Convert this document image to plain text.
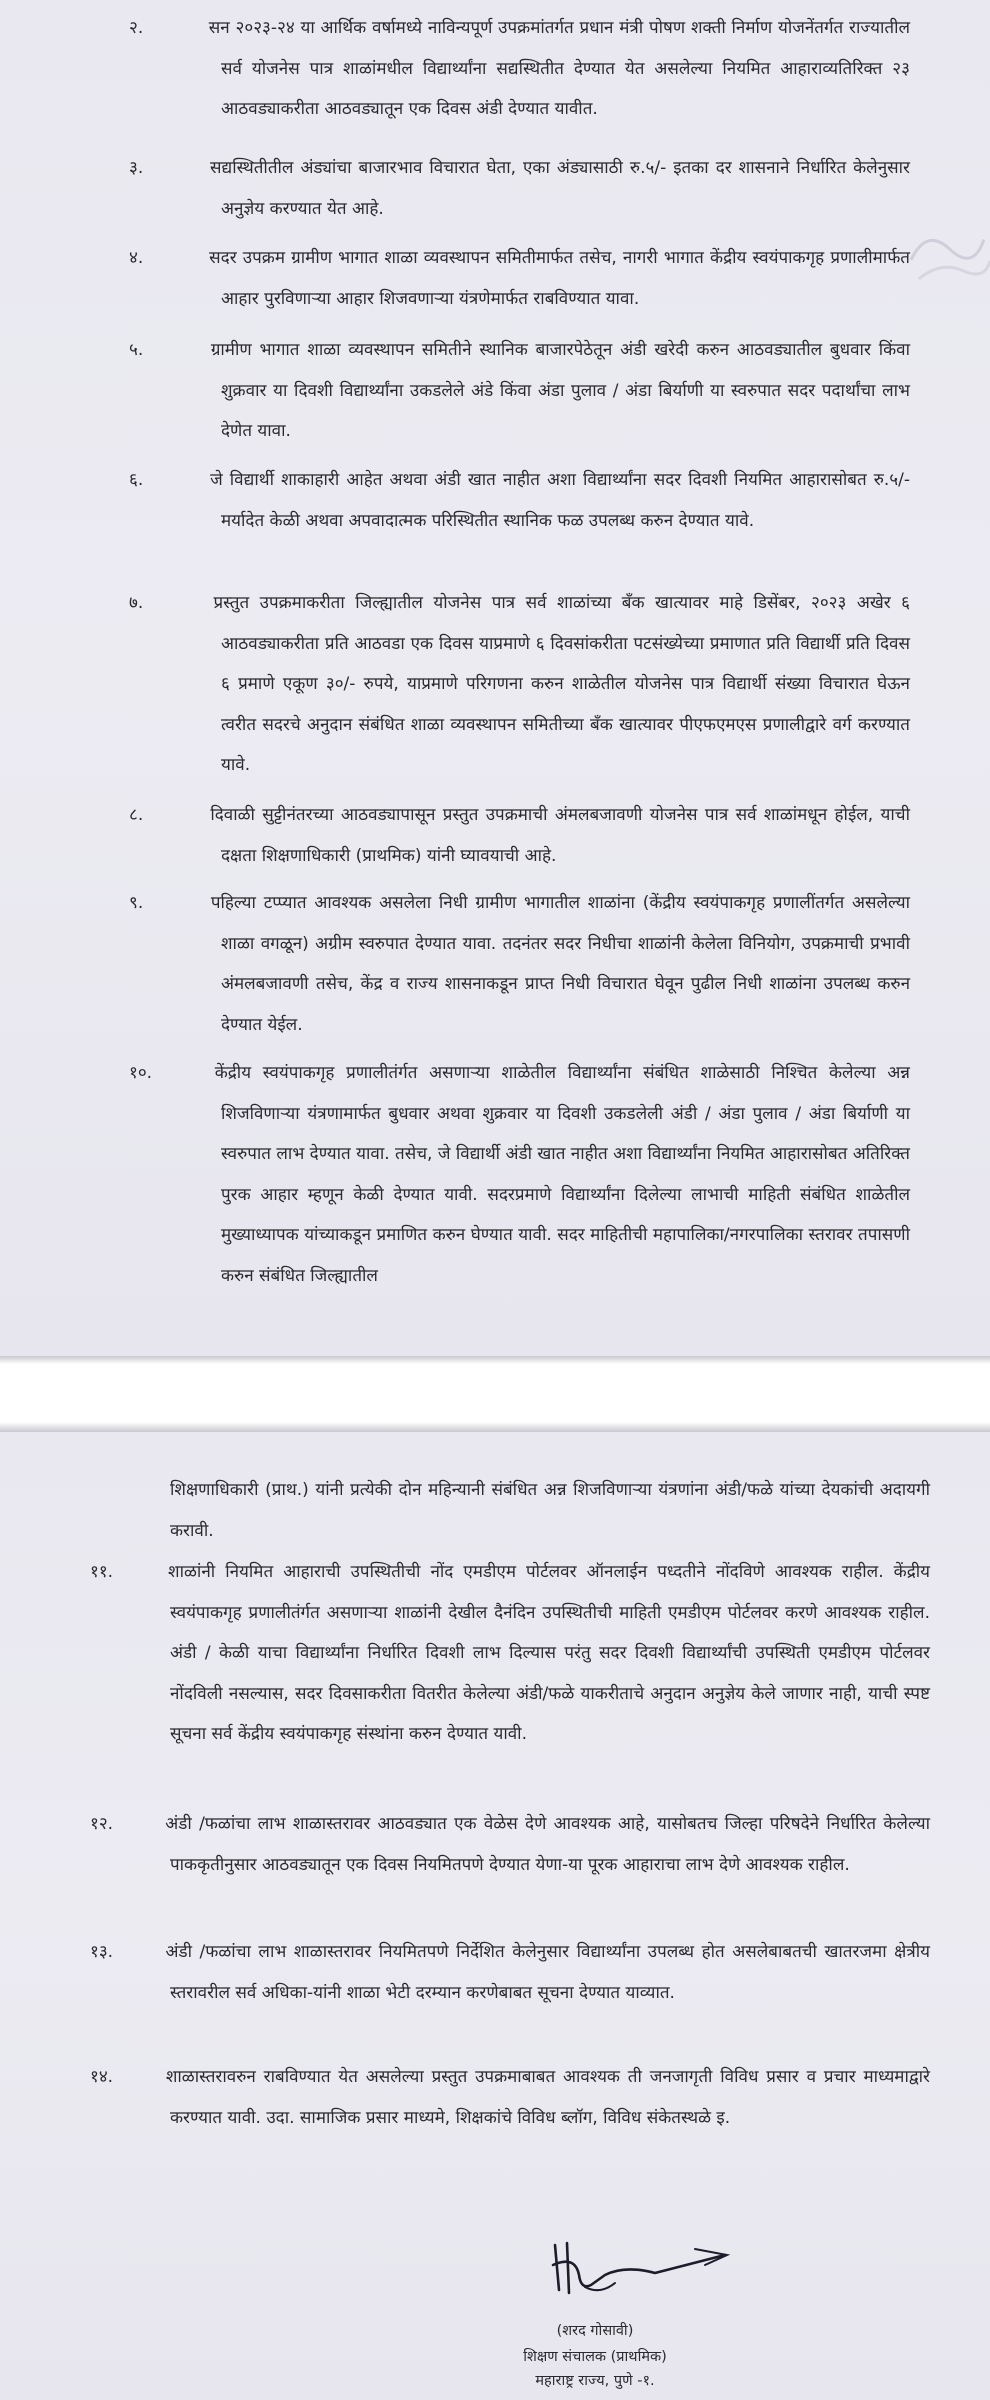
२.	सन २०२३-२४ या आर्थिक वर्षामध्ये नाविन्यपूर्ण उपक्रमांतर्गत प्रधान मंत्री पोषण शक्ती निर्माण योजनेंतर्गत राज्यातील सर्व योजनेस पात्र शाळांमधील विद्यार्थ्यांना सद्यस्थितीत देण्यात येत असलेल्या नियमित आहाराव्यतिरिक्त २३ आठवड्याकरीता आठवड्यातून एक दिवस अंडी देण्यात यावीत.
३.	सद्यस्थितीतील अंड्यांचा बाजारभाव विचारात घेता, एका अंड्यासाठी रु.५/- इतका दर शासनाने निर्धारित केलेनुसार अनुज्ञेय करण्यात येत आहे.
४.	सदर उपक्रम ग्रामीण भागात शाळा व्यवस्थापन समितीमार्फत तसेच, नागरी भागात केंद्रीय स्वयंपाकगृह प्रणालीमार्फत आहार पुरविणाऱ्या आहार शिजवणाऱ्या यंत्रणेमार्फत राबविण्यात यावा.
५.	ग्रामीण भागात शाळा व्यवस्थापन समितीने स्थानिक बाजारपेठेतून अंडी खरेदी करुन आठवड्यातील बुधवार किंवा शुक्रवार या दिवशी विद्यार्थ्यांना उकडलेले अंडे किंवा अंडा पुलाव / अंडा बिर्याणी या स्वरुपात सदर पदार्थांचा लाभ देणेत यावा.
६.	जे विद्यार्थी शाकाहारी आहेत अथवा अंडी खात नाहीत अशा विद्यार्थ्यांना सदर दिवशी नियमित आहारासोबत रु.५/- मर्यादेत केळी अथवा अपवादात्मक परिस्थितीत स्थानिक फळ उपलब्ध करुन देण्यात यावे.
७.	प्रस्तुत उपक्रमाकरीता जिल्ह्यातील योजनेस पात्र सर्व शाळांच्या बँक खात्यावर माहे डिसेंबर, २०२३ अखेर ६ आठवड्याकरीता प्रति आठवडा एक दिवस याप्रमाणे ६ दिवसांकरीता पटसंख्येच्या प्रमाणात प्रति विद्यार्थी प्रति दिवस ६ प्रमाणे एकूण ३०/- रुपये, याप्रमाणे परिगणना करुन शाळेतील योजनेस पात्र विद्यार्थी संख्या विचारात घेऊन त्वरीत सदरचे अनुदान संबंधित शाळा व्यवस्थापन समितीच्या बँक खात्यावर पीएफएमएस प्रणालीद्वारे वर्ग करण्यात यावे.
८.	दिवाळी सुट्टीनंतरच्या आठवड्यापासून प्रस्तुत उपक्रमाची अंमलबजावणी योजनेस पात्र सर्व शाळांमधून होईल, याची दक्षता शिक्षणाधिकारी (प्राथमिक) यांनी घ्यावयाची आहे.
९.	पहिल्या टप्प्यात आवश्यक असलेला निधी ग्रामीण भागातील शाळांना (केंद्रीय स्वयंपाकगृह प्रणालींतर्गत असलेल्या शाळा वगळून) अग्रीम स्वरुपात देण्यात यावा. तदनंतर सदर निधीचा शाळांनी केलेला विनियोग, उपक्रमाची प्रभावी अंमलबजावणी तसेच, केंद्र व राज्य शासनाकडून प्राप्त निधी विचारात घेवून पुढील निधी शाळांना उपलब्ध करुन देण्यात येईल.
१०.	केंद्रीय स्वयंपाकगृह प्रणालीतंर्गत असणाऱ्या शाळेतील विद्यार्थ्यांना संबंधित शाळेसाठी निश्चित केलेल्या अन्न शिजविणाऱ्या यंत्रणामार्फत बुधवार अथवा शुक्रवार या दिवशी उकडलेली अंडी / अंडा पुलाव / अंडा बिर्याणी या स्वरुपात लाभ देण्यात यावा. तसेच, जे विद्यार्थी अंडी खात नाहीत अशा विद्यार्थ्यांना नियमित आहारासोबत अतिरिक्त पुरक आहार म्हणून केळी देण्यात यावी. सदरप्रमाणे विद्यार्थ्यांना दिलेल्या लाभाची माहिती संबंधित शाळेतील मुख्याध्यापक यांच्याकडून प्रमाणित करुन घेण्यात यावी. सदर माहितीची महापालिका/नगरपालिका स्तरावर तपासणी करुन संबंधित जिल्ह्यातील
शिक्षणाधिकारी (प्राथ.) यांनी प्रत्येकी दोन महिन्यानी संबंधित अन्न शिजविणाऱ्या यंत्रणांना अंडी/फळे यांच्या देयकांची अदायगी करावी.
११.	शाळांनी नियमित आहाराची उपस्थितीची नोंद एमडीएम पोर्टलवर ऑनलाईन पध्दतीने नोंदविणे आवश्यक राहील. केंद्रीय स्वयंपाकगृह प्रणालीतंर्गत असणाऱ्या शाळांनी देखील दैनंदिन उपस्थितीची माहिती एमडीएम पोर्टलवर करणे आवश्यक राहील. अंडी / केळी याचा विद्यार्थ्यांना निर्धारित दिवशी लाभ दिल्यास परंतु सदर दिवशी विद्यार्थ्यांची उपस्थिती एमडीएम पोर्टलवर नोंदविली नसल्यास, सदर दिवसाकरीता वितरीत केलेल्या अंडी/फळे याकरीताचे अनुदान अनुज्ञेय केले जाणार नाही, याची स्पष्ट सूचना सर्व केंद्रीय स्वयंपाकगृह संस्थांना करुन देण्यात यावी.
१२.	अंडी /फळांचा लाभ शाळास्तरावर आठवड्यात एक वेळेस देणे आवश्यक आहे, यासोबतच जिल्हा परिषदेने निर्धारित केलेल्या पाककृतीनुसार आठवड्यातून एक दिवस नियमितपणे देण्यात येणा-या पूरक आहाराचा लाभ देणे आवश्यक राहील.
१३.	अंडी /फळांचा लाभ शाळास्तरावर नियमितपणे निर्देशित केलेनुसार विद्यार्थ्यांना उपलब्ध होत असलेबाबतची खातरजमा क्षेत्रीय स्तरावरील सर्व अधिका-यांनी शाळा भेटी दरम्यान करणेबाबत सूचना देण्यात याव्यात.
१४.	शाळास्तरावरुन राबविण्यात येत असलेल्या प्रस्तुत उपक्रमाबाबत आवश्यक ती जनजागृती विविध प्रसार व प्रचार माध्यमाद्वारे करण्यात यावी. उदा. सामाजिक प्रसार माध्यमे, शिक्षकांचे विविध ब्लॉग, विविध संकेतस्थळे इ.
(शरद गोसावी)
शिक्षण संचालक (प्राथमिक)
महाराष्ट्र राज्य, पुणे -१.
